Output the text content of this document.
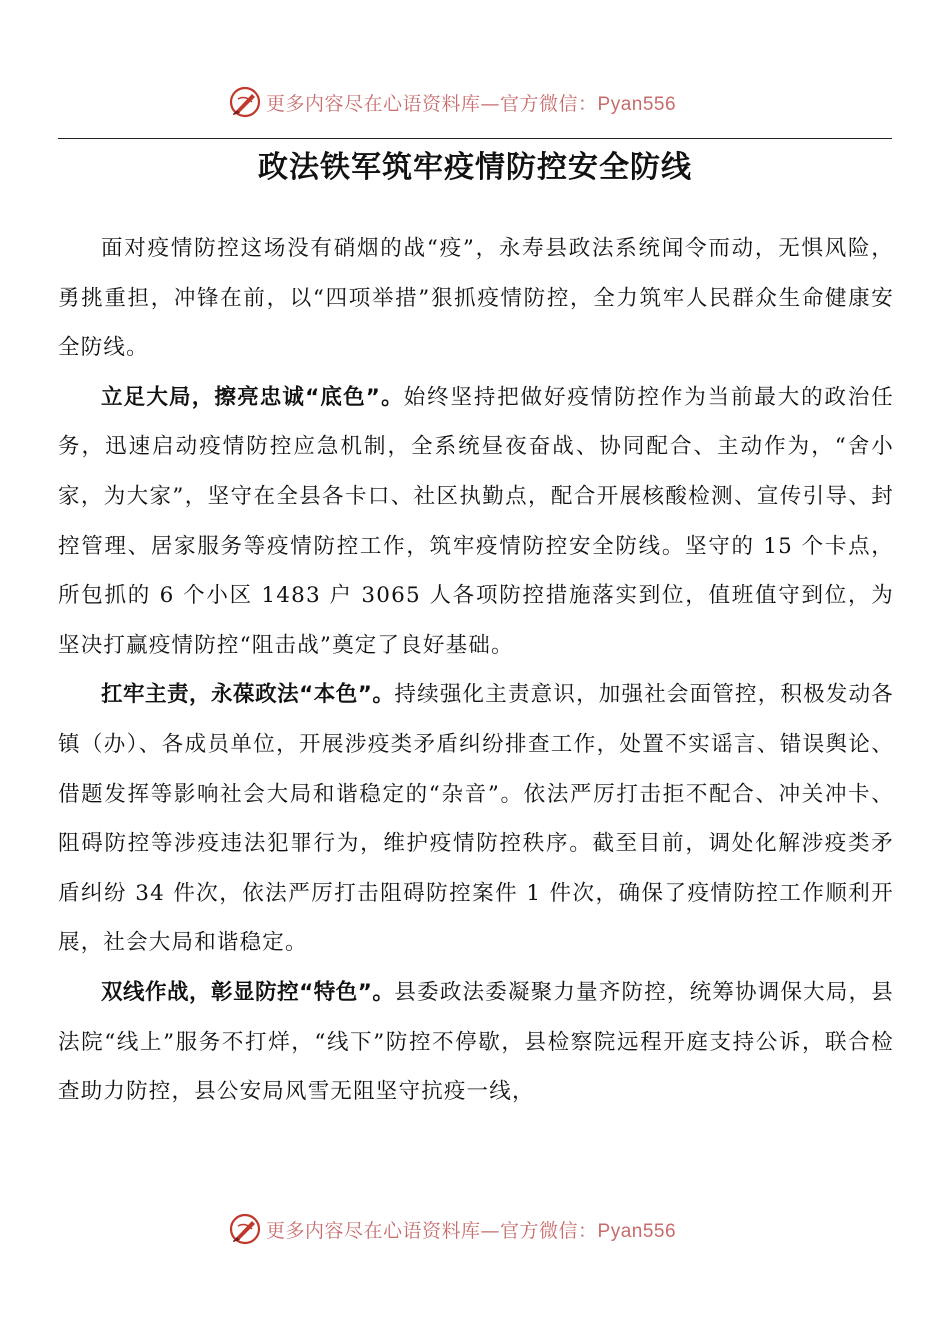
更多内容尽在心语资料库—官方微信：Pyan556
政法铁军筑牢疫情防控安全防线

面对疫情防控这场没有硝烟的战“疫”，永寿县政法系统闻令而动，无惧风险，勇挑重担，冲锋在前，以“四项举措”狠抓疫情防控，全力筑牢人民群众生命健康安全防线。

立足大局，擦亮忠诚“底色”。始终坚持把做好疫情防控作为当前最大的政治任务，迅速启动疫情防控应急机制，全系统昼夜奋战、协同配合、主动作为，“舍小家，为大家”，坚守在全县各卡口、社区执勤点，配合开展核酸检测、宣传引导、封控管理、居家服务等疫情防控工作，筑牢疫情防控安全防线。坚守的 15 个卡点，所包抓的 6 个小区 1483 户 3065 人各项防控措施落实到位，值班值守到位，为坚决打赢疫情防控“阻击战”奠定了良好基础。

扛牢主责，永葆政法“本色”。持续强化主责意识，加强社会面管控，积极发动各镇（办）、各成员单位，开展涉疫类矛盾纠纷排查工作，处置不实谣言、错误舆论、借题发挥等影响社会大局和谐稳定的“杂音”。依法严厉打击拒不配合、冲关冲卡、阻碍防控等涉疫违法犯罪行为，维护疫情防控秩序。截至目前，调处化解涉疫类矛盾纠纷 34 件次，依法严厉打击阻碍防控案件 1 件次，确保了疫情防控工作顺利开展，社会大局和谐稳定。

双线作战，彰显防控“特色”。县委政法委凝聚力量齐防控，统筹协调保大局，县法院“线上”服务不打烊，“线下”防控不停歇，县检察院远程开庭支持公诉，联合检查助力防控，县公安局风雪无阻坚守抗疫一线，

更多内容尽在心语资料库—官方微信：Pyan556
